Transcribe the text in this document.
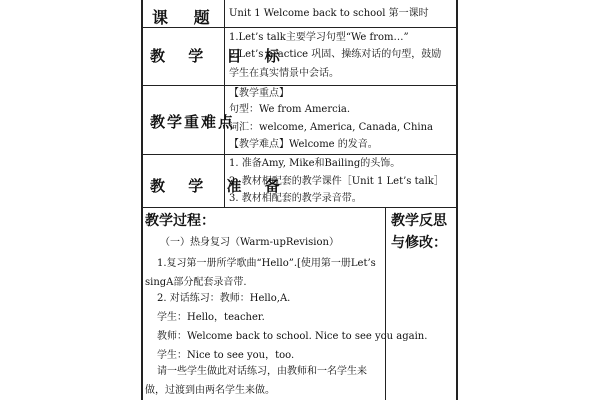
课 题 Unit 1 Welcome back to school 第一课时
教 学 目 标
1.Let’s talk主要学习句型“We from…”
2.Let’s practice 巩固、操练对话的句型，鼓励学生在真实情景中会话。
教学重难点
【教学重点】
句型：We from Amercia.
词汇：welcome, America, Canada, China
【教学难点】Welcome 的发音。
教 学 准 备
1. 准备Amy, Mike和Bailing的头饰。
2. 教材相配套的教学课件［Unit 1 Let’s talk］
3. 教材相配套的教学录音带。
教学过程：
（一）热身复习（Warm-upRevision）
1.复习第一册所学歌曲“Hello”.[使用第一册Let’s singA部分配套录音带.
2. 对话练习：教师：Hello,A.
学生：Hello，teacher.
教师：Welcome back to school. Nice to see you again.
学生：Nice to see you，too.
请一些学生做此对话练习，由教师和一名学生来做，过渡到由两名学生来做。
教学反思与修改：
